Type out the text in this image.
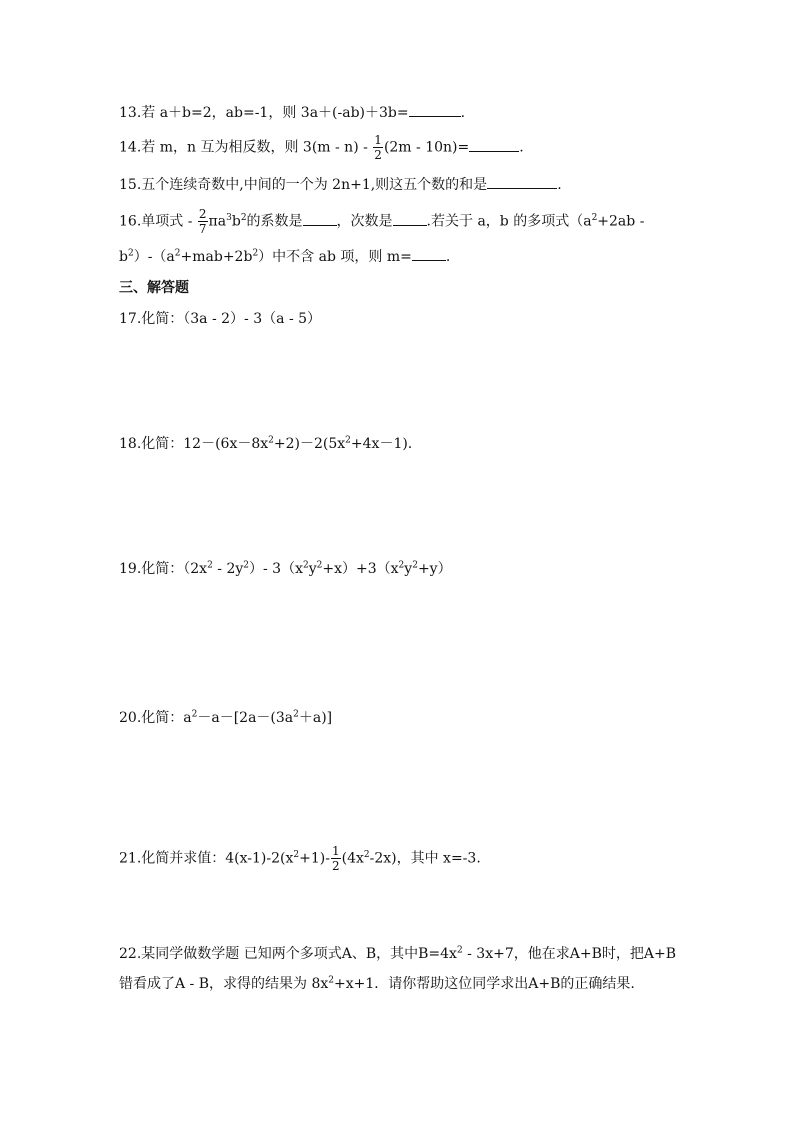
13.若 a＋b=2，ab=-1，则 3a＋(-ab)＋3b=	.
14.若 m，n 互为相反数，则 $3(m - n) - \frac{1}{2} (2m - 10n)=$	.
15.五个连续奇数中,中间的一个为 2n+1,则这五个数的和是	.
16.单项式 - $\frac{2}{7} \pi a^3b^2$的系数是 ，次数是 .若关于 a，b 的多项式（$a^2+2ab$ -
$b^2)-(a^2+mab+2b^2)$中不含 ab 项，则 m= .
三、解答题
17.化简：（3a - 2）- 3（a - 5）
18.化简：$12-(6x-8x^2+2)-2(5x^2+4x-1)$.
19.化简：$(2x^2 - 2y^2)-$ $3(x^2y^2+x)+3(x^2y^2+y)$
20.化简：$a^2-a-[2a-(3a^2+a)]$
21.化简并求值：$4(x-1)-2(x^2+1)- \frac{1}{2} (4x^2-2x)$，其中 x=-3.
22.某同学做数学题 已知两个多项式A、B，其中$B=4x^2 - 3x+7$，他在求A+B时，把A+B
错看成了A - B，求得的结果为 $8x^2+x+1$．请你帮助这位同学求出A+B的正确结果.
